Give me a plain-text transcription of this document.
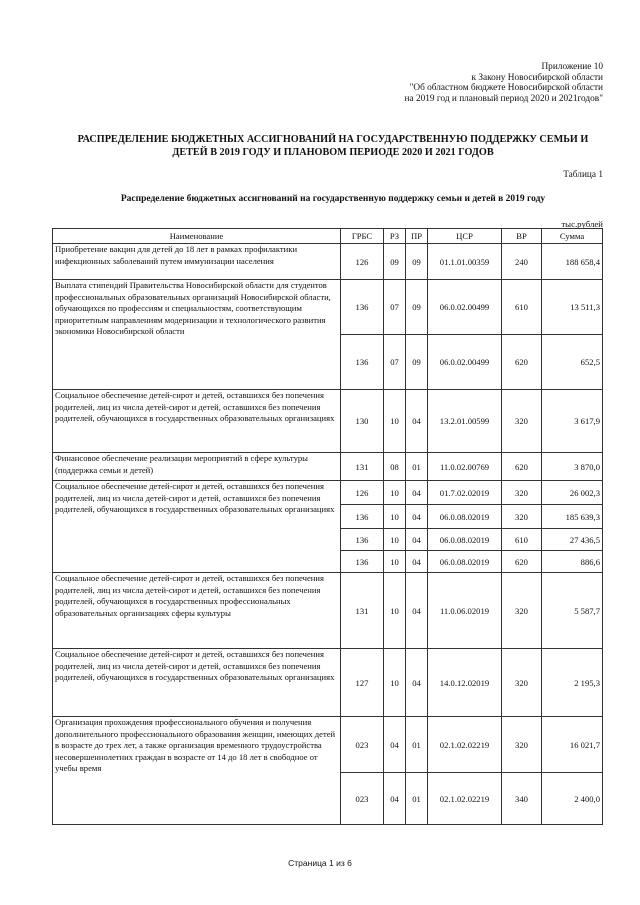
Приложение 10
к Закону Новосибирской области
"Об областном бюджете Новосибирской области
на 2019 год и плановый период 2020 и 2021годов"
РАСПРЕДЕЛЕНИЕ БЮДЖЕТНЫХ АССИГНОВАНИЙ НА ГОСУДАРСТВЕННУЮ ПОДДЕРЖКУ СЕМЬИ И
ДЕТЕЙ В 2019 ГОДУ И ПЛАНОВОМ ПЕРИОДЕ 2020 И 2021 ГОДОВ
Таблица 1
Распределение бюджетных ассигнований на государственную поддержку семьи и детей в 2019 году
тыс.рублей
Наименование	ГРБС	РЗ	ПР	ЦСР	ВР	Сумма
Приобретение вакцин для детей до 18 лет в рамках профилактики инфекционных заболеваний путем иммунизации населения	126	09	09	01.1.01.00359	240	188 658,4
Выплата стипендий Правительства Новосибирской области для студентов профессиональных образовательных организаций Новосибирской области, обучающихся по профессиям и специальностям, соответствующим приоритетным направлениям модернизации и технологического развития экономики Новосибирской области	136	07	09	06.0.02.00499	610	13 511,3
	136	07	09	06.0.02.00499	620	652,5
Социальное обеспечение детей-сирот и детей, оставшихся без попечения родителей, лиц из числа детей-сирот и детей, оставшихся без попечения родителей, обучающихся в государственных образовательных организациях	130	10	04	13.2.01.00599	320	3 617,9
Финансовое обеспечение реализации мероприятий в сфере культуры (поддержка семьи и детей)	131	08	01	11.0.02.00769	620	3 870,0
Социальное обеспечение детей-сирот и детей, оставшихся без попечения родителей, лиц из числа детей-сирот и детей, оставшихся без попечения родителей, обучающихся в государственных образовательных организациях	126	10	04	01.7.02.02019	320	26 002,3
	136	10	04	06.0.08.02019	320	185 639,3
	136	10	04	06.0.08.02019	610	27 436,5
	136	10	04	06.0.08.02019	620	886,6
Социальное обеспечение детей-сирот и детей, оставшихся без попечения родителей, лиц из числа детей-сирот и детей, оставшихся без попечения родителей, обучающихся в государственных профессиональных образовательных организациях сферы культуры	131	10	04	11.0.06.02019	320	5 587,7
Социальное обеспечение детей-сирот и детей, оставшихся без попечения родителей, лиц из числа детей-сирот и детей, оставшихся без попечения родителей, обучающихся в государственных образовательных организациях	127	10	04	14.0.12.02019	320	2 195,3
Организация прохождения профессионального обучения и получения дополнительного профессионального образования женщин, имеющих детей в возрасте до трех лет, а также организация временного трудоустройства несовершеннолетних граждан в возрасте от 14 до 18 лет в свободное от учебы время	023	04	01	02.1.02.02219	320	16 021,7
	023	04	01	02.1.02.02219	340	2 400,0
Страница 1 из 6
